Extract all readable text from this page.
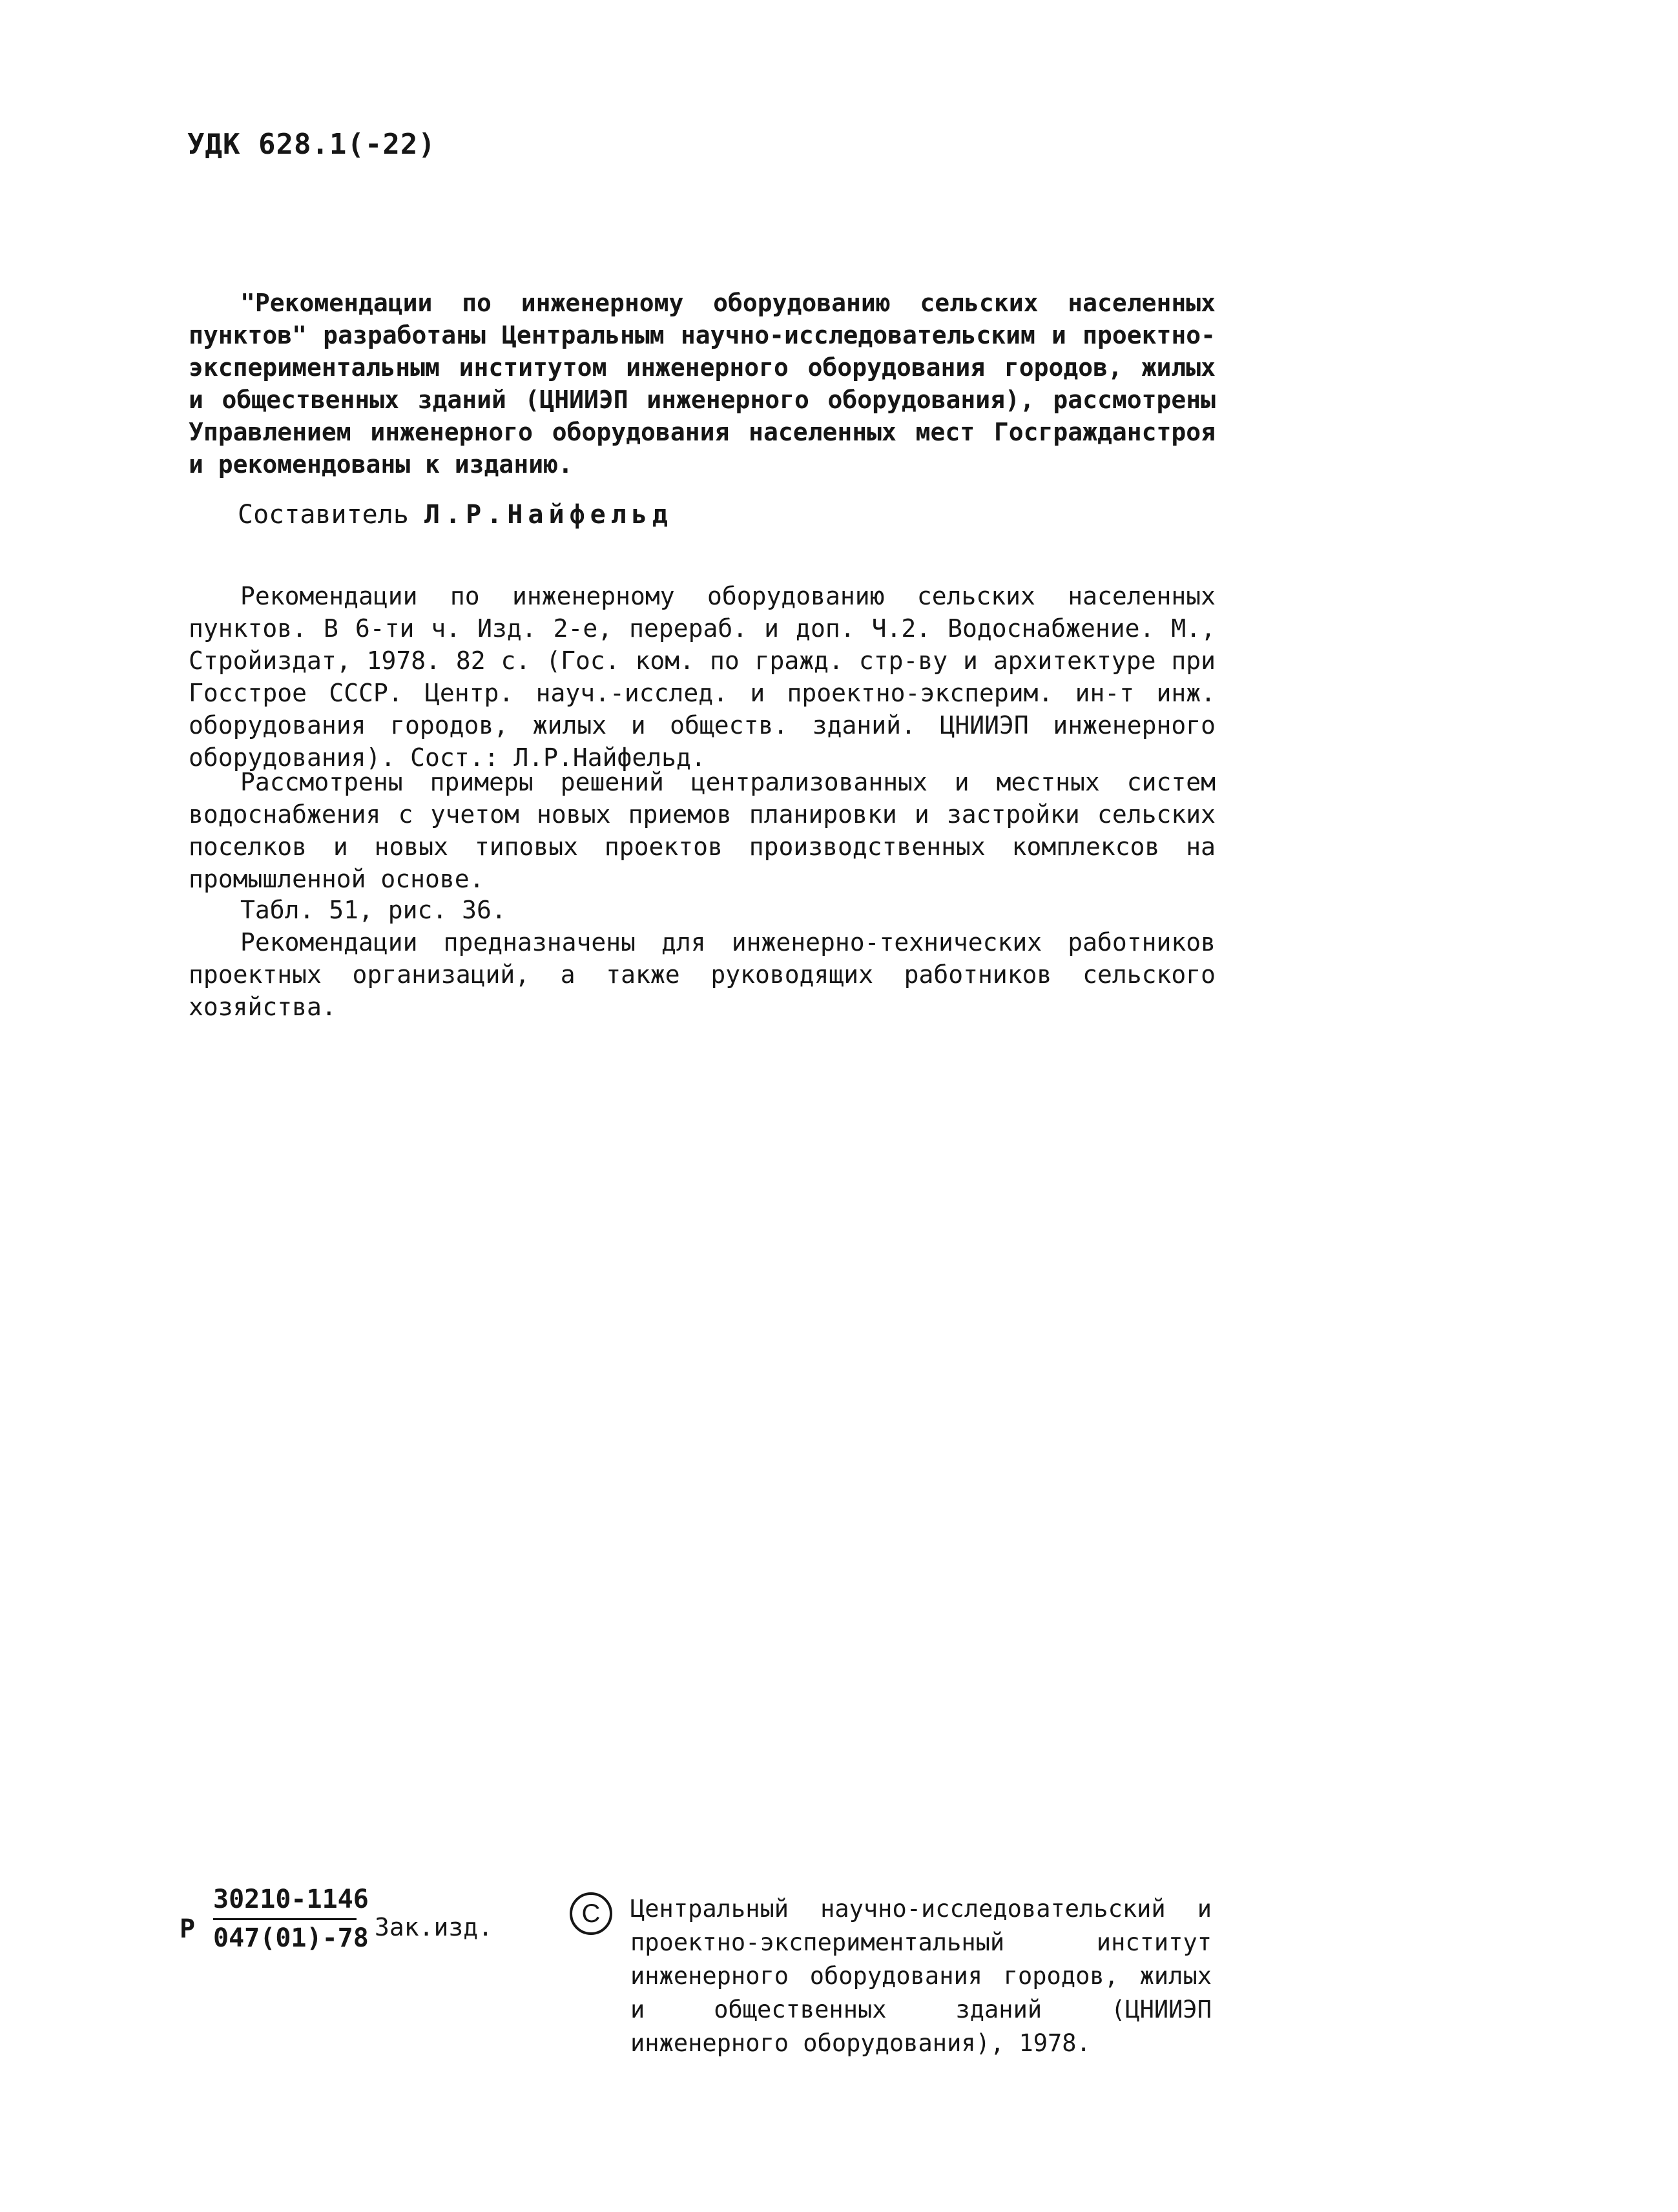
УДК 628.1(-22)

"Рекомендации по инженерному оборудованию сельских населенных пунктов" разработаны Центральным научно-исследовательским и проектно-экспериментальным институтом инженерного оборудования городов, жилых и общественных зданий (ЦНИИЭП инженерного оборудования), рассмотрены Управлением инженерного оборудования населенных мест Госгражданстроя и рекомендованы к изданию.

Составитель Л.Р.Найфельд

Рекомендации по инженерному оборудованию сельских населенных пунктов. В 6-ти ч. Изд. 2-е, перераб. и доп. Ч.2. Водоснабжение. М., Стройиздат, 1978. 82 с. (Гос. ком. по гражд. стр-ву и архитектуре при Госстрое СССР. Центр. науч.-исслед. и проектно-эксперим. ин-т инж. оборудования городов, жилых и обществ. зданий. ЦНИИЭП инженерного оборудования). Сост.: Л.Р.Найфельд.

Рассмотрены примеры решений централизованных и местных систем водоснабжения с учетом новых приемов планировки и застройки сельских поселков и новых типовых проектов производственных комплексов на промышленной основе.

Табл. 51, рис. 36.

Рекомендации предназначены для инженерно-технических работников проектных организаций, а также руководящих работников сельского хозяйства.

Р
30210-1146
047(01)-78 Зак.изд.	C Центральный научно-исследовательский и проектно-экспериментальный институт инженерного оборудования городов, жилых и общественных зданий (ЦНИИЭП инженерного оборудования), 1978.
